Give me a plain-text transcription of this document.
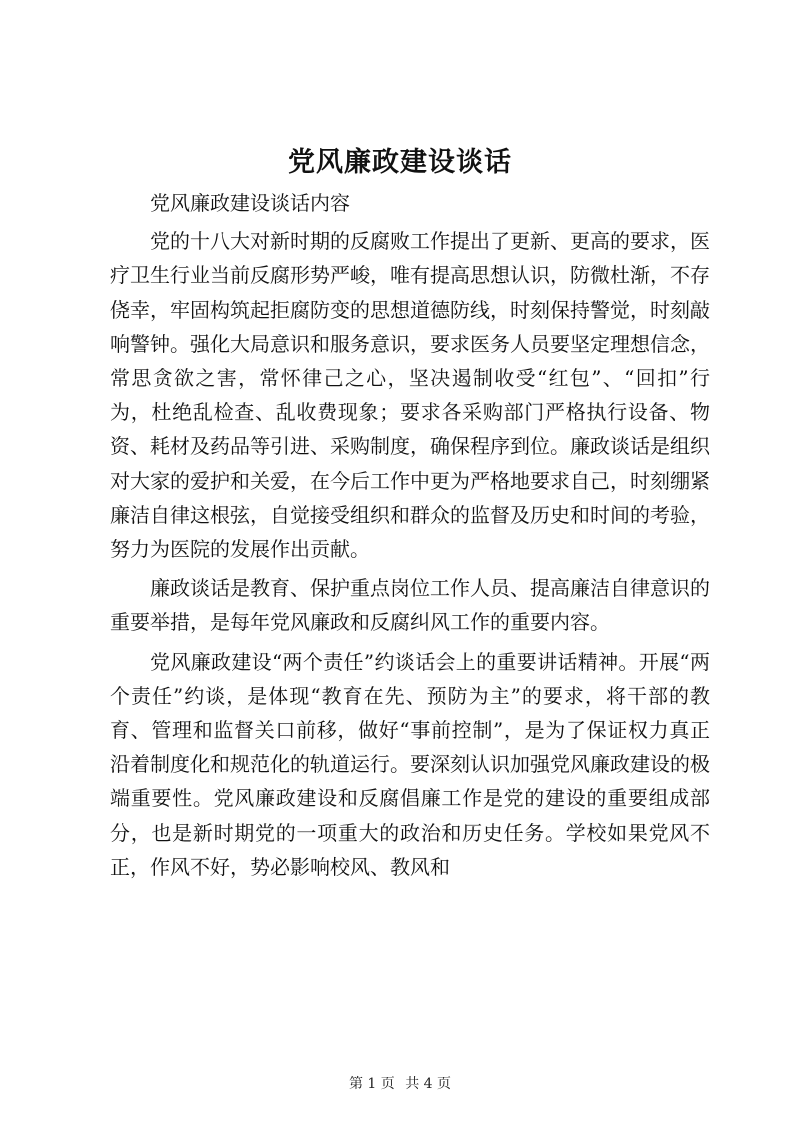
党风廉政建设谈话

党风廉政建设谈话内容

党的十八大对新时期的反腐败工作提出了更新、更高的要求，医疗卫生行业当前反腐形势严峻，唯有提高思想认识，防微杜渐，不存侥幸，牢固构筑起拒腐防变的思想道德防线，时刻保持警觉，时刻敲响警钟。强化大局意识和服务意识，要求医务人员要坚定理想信念，常思贪欲之害，常怀律己之心，坚决遏制收受“红包”、“回扣”行为，杜绝乱检查、乱收费现象；要求各采购部门严格执行设备、物资、耗材及药品等引进、采购制度，确保程序到位。廉政谈话是组织对大家的爱护和关爱，在今后工作中更为严格地要求自己，时刻绷紧廉洁自律这根弦，自觉接受组织和群众的监督及历史和时间的考验，努力为医院的发展作出贡献。

廉政谈话是教育、保护重点岗位工作人员、提高廉洁自律意识的重要举措，是每年党风廉政和反腐纠风工作的重要内容。

党风廉政建设“两个责任”约谈话会上的重要讲话精神。开展“两个责任”约谈，是体现“教育在先、预防为主”的要求，将干部的教育、管理和监督关口前移，做好“事前控制”，是为了保证权力真正沿着制度化和规范化的轨道运行。要深刻认识加强党风廉政建设的极端重要性。党风廉政建设和反腐倡廉工作是党的建设的重要组成部分，也是新时期党的一项重大的政治和历史任务。学校如果党风不正，作风不好，势必影响校风、教风和

第 1 页 共 4 页
